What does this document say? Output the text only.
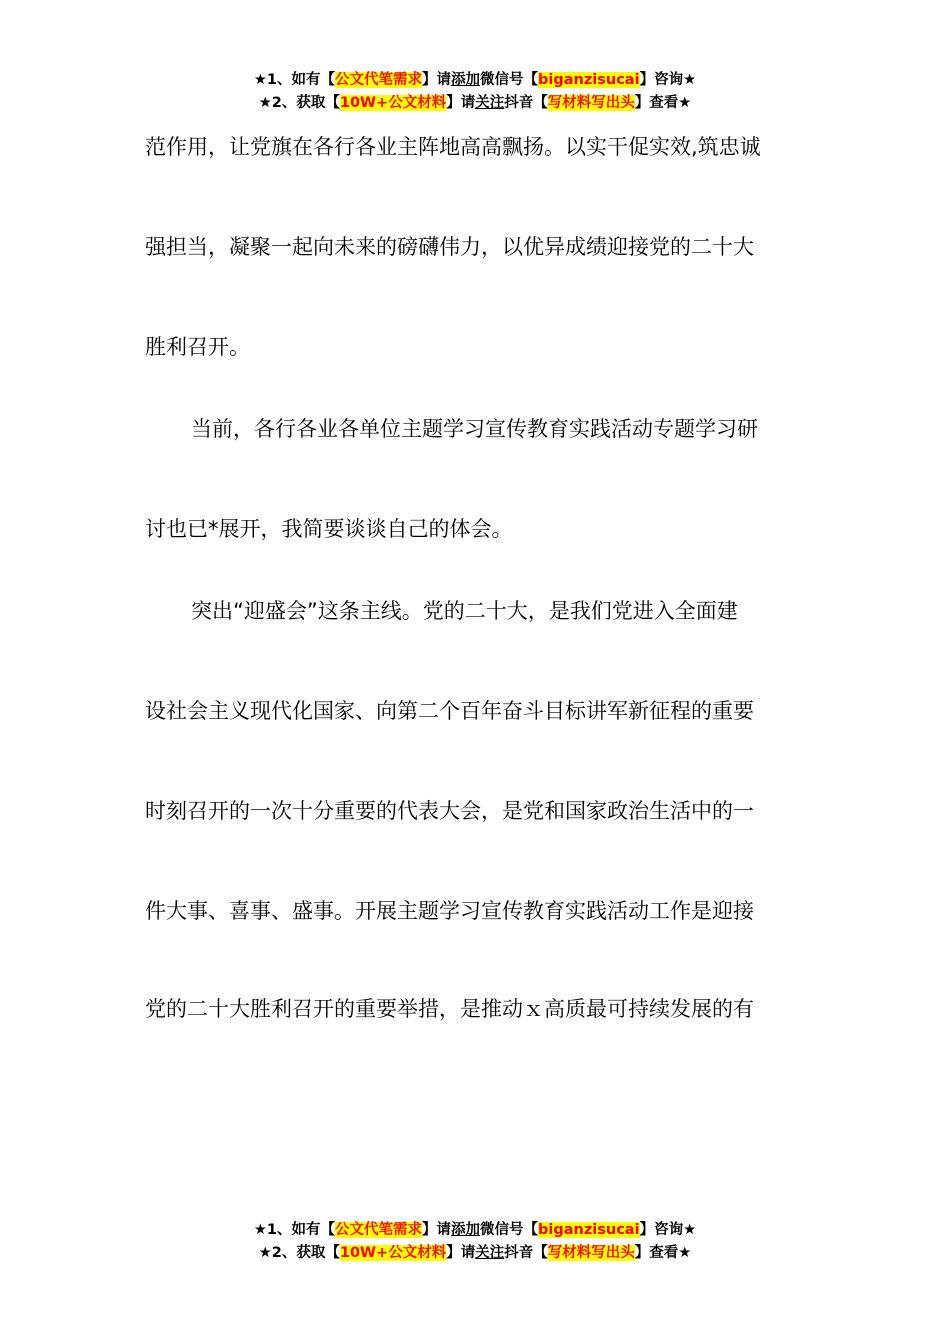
★1、如有【公文代笔需求】请添加微信号【biganzisucai】咨询★
★2、获取【10W+公文材料】请关注抖音【写材料写出头】查看★
范作用，让党旗在各行各业主阵地高高飘扬。以实干促实效,筑忠诚
强担当，凝聚一起向未来的磅礴伟力，以优异成绩迎接党的二十大
胜利召开。
当前，各行各业各单位主题学习宣传教育实践活动专题学习研
讨也已*展开，我简要谈谈自己的体会。
突出“迎盛会”这条主线。党的二十大，是我们党进入全面建
设社会主义现代化国家、向第二个百年奋斗目标讲军新征程的重要
时刻召开的一次十分重要的代表大会，是党和国家政治生活中的一
件大事、喜事、盛事。开展主题学习宣传教育实践活动工作是迎接
党的二十大胜利召开的重要举措，是推动ｘ高质最可持续发展的有
★1、如有【公文代笔需求】请添加微信号【biganzisucai】咨询★
★2、获取【10W+公文材料】请关注抖音【写材料写出头】查看★
